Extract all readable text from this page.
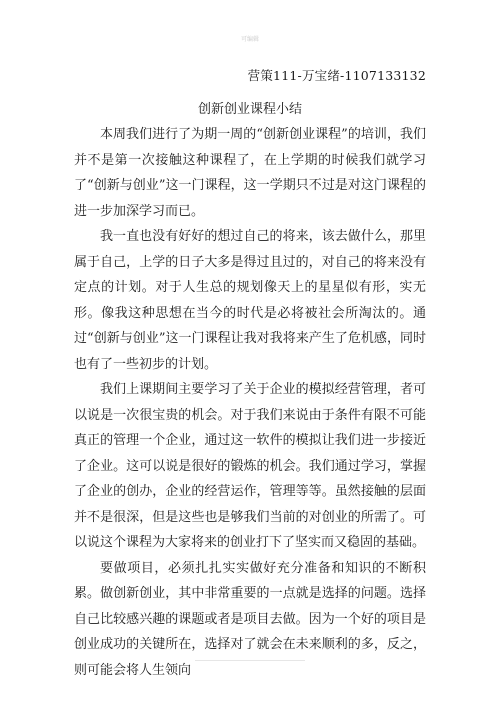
可编辑
营策111-万宝绪-1107133132
创新创业课程小结

本周我们进行了为期一周的“创新创业课程”的培训，我们并不是第一次接触这种课程了，在上学期的时候我们就学习了“创新与创业”这一门课程，这一学期只不过是对这门课程的进一步加深学习而已。

我一直也没有好好的想过自己的将来，该去做什么，那里属于自己，上学的日子大多是得过且过的，对自己的将来没有定点的计划。对于人生总的规划像天上的星星似有形，实无形。像我这种思想在当今的时代是必将被社会所淘汰的。通过“创新与创业”这一门课程让我对我将来产生了危机感，同时也有了一些初步的计划。

我们上课期间主要学习了关于企业的模拟经营管理，者可以说是一次很宝贵的机会。对于我们来说由于条件有限不可能真正的管理一个企业，通过这一软件的模拟让我们进一步接近了企业。这可以说是很好的锻炼的机会。我们通过学习，掌握了企业的创办，企业的经营运作，管理等等。虽然接触的层面并不是很深，但是这些也是够我们当前的对创业的所需了。可以说这个课程为大家将来的创业打下了坚实而又稳固的基础。

要做项目，必须扎扎实实做好充分准备和知识的不断积累。做创新创业，其中非常重要的一点就是选择的问题。选择自己比较感兴趣的课题或者是项目去做。因为一个好的项目是创业成功的关键所在，选择对了就会在未来顺利的多，反之，则可能会将人生领向
